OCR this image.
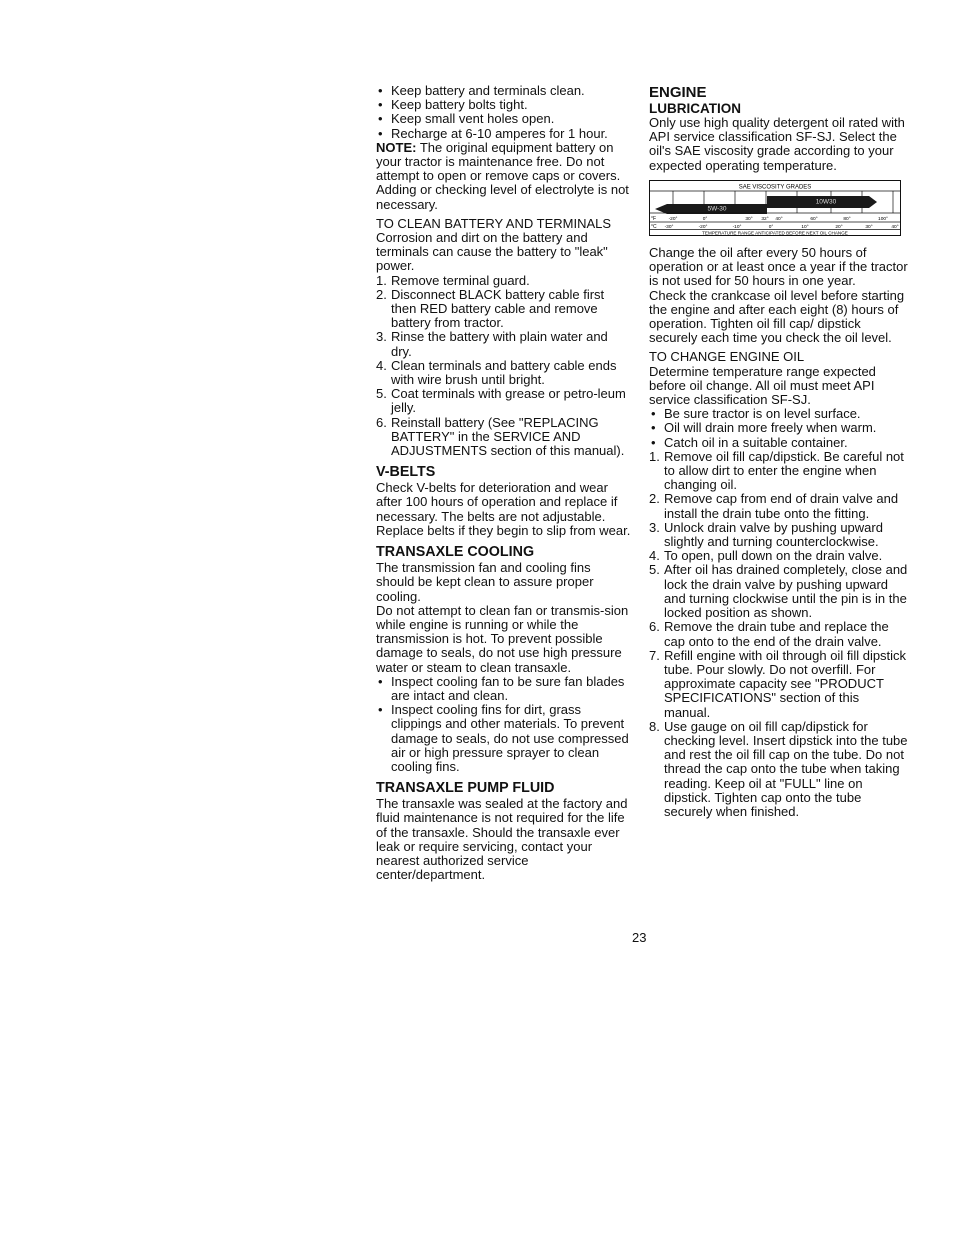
• Keep battery and terminals clean.
• Keep battery bolts tight.
• Keep small vent holes open.
• Recharge at 6-10 amperes for 1 hour.

NOTE: The original equipment battery on your tractor is maintenance free. Do not attempt to open or remove caps or covers. Adding or checking level of electrolyte is not necessary.

TO CLEAN BATTERY AND TERMINALS

Corrosion and dirt on the battery and terminals can cause the battery to "leak" power.

1. Remove terminal guard.
2. Disconnect BLACK battery cable first then RED battery cable and remove battery from tractor.
3. Rinse the battery with plain water and dry.
4. Clean terminals and battery cable ends with wire brush until bright.
5. Coat terminals with grease or petro-leum jelly.
6. Reinstall battery (See "REPLACING BATTERY" in the SERVICE AND ADJUSTMENTS section of this manual).
V-BELTS

Check V-belts for deterioration and wear after 100 hours of operation and replace if necessary. The belts are not adjustable. Replace belts if they begin to slip from wear.

TRANSAXLE COOLING

The transmission fan and cooling fins should be kept clean to assure proper cooling.

Do not attempt to clean fan or transmis-sion while engine is running or while the transmission is hot. To prevent possible damage to seals, do not use high pressure water or steam to clean transaxle.

• Inspect cooling fan to be sure fan blades are intact and clean.
• Inspect cooling fins for dirt, grass clippings and other materials. To prevent damage to seals, do not use compressed air or high pressure sprayer to clean cooling fins.
TRANSAXLE PUMP FLUID

The transaxle was sealed at the factory and fluid maintenance is not required for the life of the transaxle. Should the transaxle ever leak or require servicing, contact your nearest authorized service center/department.

ENGINE
LUBRICATION

Only use high quality detergent oil rated with API service classification SF-SJ. Select the oil's SAE viscosity grade according to your expected operating temperature.

SAE VISCOSITY GRADES
5W-30
10W30
°F	-20°	0°	30° 32° 40°	60°	80°	100°
°C -30°	-20°	-10°	0°	10°	20°	30°	40°
TEMPERATURE RANGE ANTICIPATED BEFORE NEXT OIL CHANGE

Change the oil after every 50 hours of operation or at least once a year if the tractor is not used for 50 hours in one year.

Check the crankcase oil level before starting the engine and after each eight (8) hours of operation. Tighten oil fill cap/ dipstick securely each time you check the oil level.

TO CHANGE ENGINE OIL

Determine temperature range expected before oil change. All oil must meet API service classification SF-SJ.

• Be sure tractor is on level surface.
• Oil will drain more freely when warm.
• Catch oil in a suitable container.
1. Remove oil fill cap/dipstick. Be careful not to allow dirt to enter the engine when changing oil.
2. Remove cap from end of drain valve and install the drain tube onto the fitting.
3. Unlock drain valve by pushing upward slightly and turning counterclockwise.
4. To open, pull down on the drain valve.
5. After oil has drained completely, close and lock the drain valve by pushing upward and turning clockwise until the pin is in the locked position as shown.
6. Remove the drain tube and replace the cap onto to the end of the drain valve.
7. Refill engine with oil through oil fill dipstick tube. Pour slowly. Do not overfill. For approximate capacity see "PRODUCT SPECIFICATIONS" section of this manual.
8. Use gauge on oil fill cap/dipstick for checking level. Insert dipstick into the tube and rest the oil fill cap on the tube. Do not thread the cap onto the tube when taking reading. Keep oil at "FULL" line on dipstick. Tighten cap onto the tube securely when finished.
23
